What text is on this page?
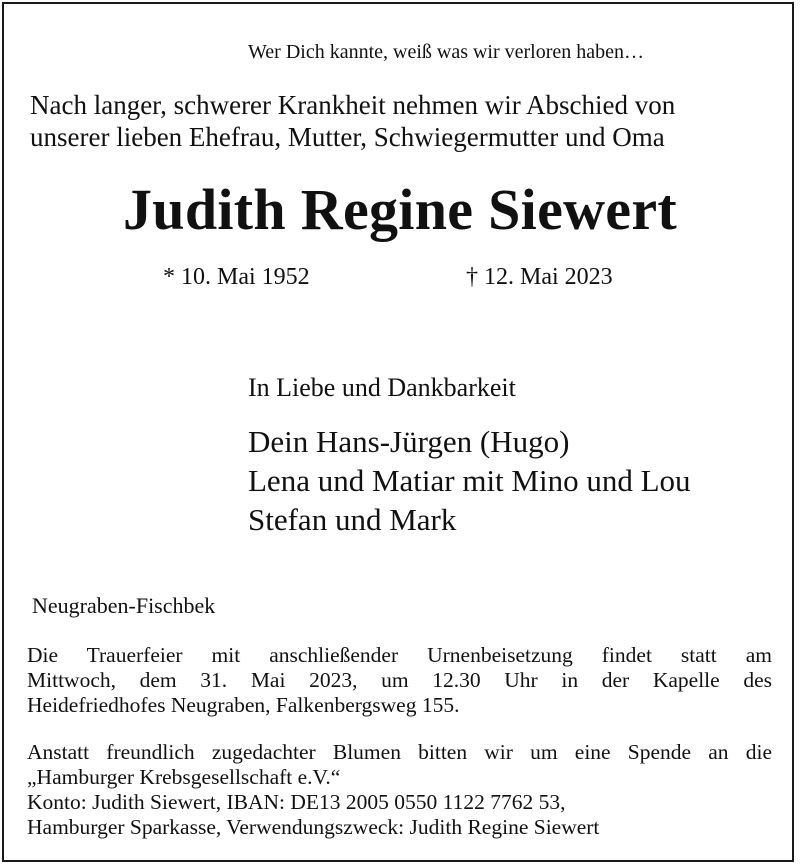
Wer Dich kannte, weiß was wir verloren haben…
Nach langer, schwerer Krankheit nehmen wir Abschied von
unserer lieben Ehefrau, Mutter, Schwiegermutter und Oma
Judith Regine Siewert
* 10. Mai 1952	† 12. Mai 2023
In Liebe und Dankbarkeit
Dein Hans-Jürgen (Hugo)
Lena und Matiar mit Mino und Lou
Stefan und Mark
Neugraben-Fischbek
Die Trauerfeier mit anschließender Urnenbeisetzung findet statt am
Mittwoch, dem 31. Mai 2023, um 12.30 Uhr in der Kapelle des
Heidefriedhofes Neugraben, Falkenbergsweg 155.
Anstatt freundlich zugedachter Blumen bitten wir um eine Spende an die
„Hamburger Krebsgesellschaft e.V.“
Konto: Judith Siewert, IBAN: DE13 2005 0550 1122 7762 53,
Hamburger Sparkasse, Verwendungszweck: Judith Regine Siewert
